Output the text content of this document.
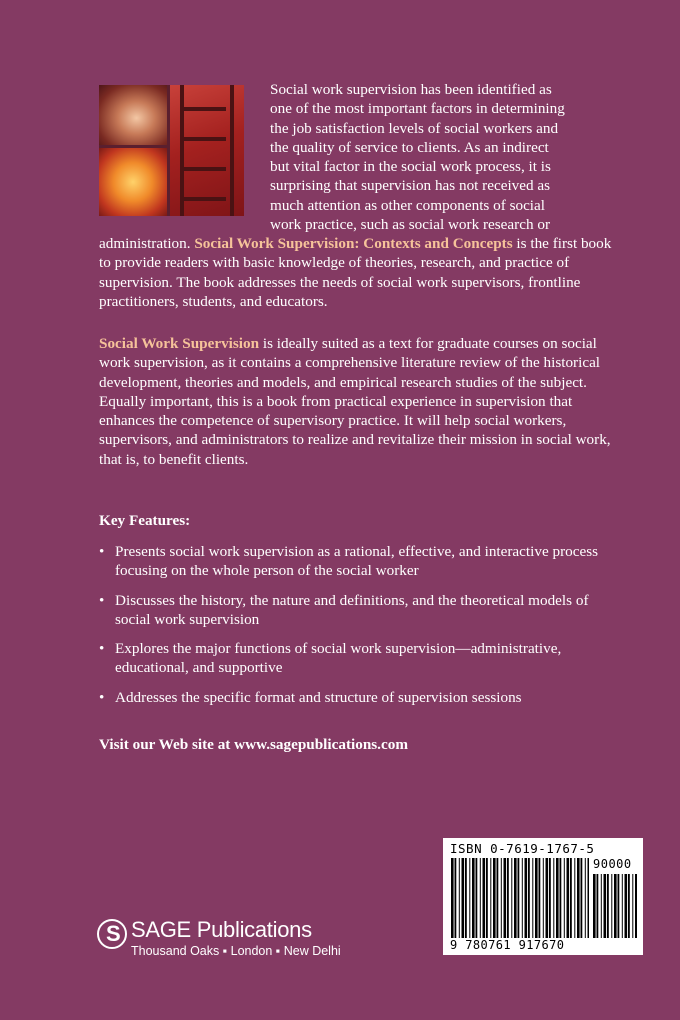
Social work supervision has been identified as
one of the most important factors in determining
the job satisfaction levels of social workers and
the quality of service to clients. As an indirect
but vital factor in the social work process, it is
surprising that supervision has not received as
much attention as other components of social
work practice, such as social work research or

administration. Social Work Supervision: Contexts and Concepts is the first book to provide readers with basic knowledge of theories, research, and practice of supervision. The book addresses the needs of social work supervisors, frontline practitioners, students, and educators.

Social Work Supervision is ideally suited as a text for graduate courses on social work supervision, as it contains a comprehensive literature review of the historical development, theories and models, and empirical research studies of the subject. Equally important, this is a book from practical experience in supervision that enhances the competence of supervisory practice. It will help social workers, supervisors, and administrators to realize and revitalize their mission in social work, that is, to benefit clients.

Key Features:

• Presents social work supervision as a rational, effective, and interactive process focusing on the whole person of the social worker
• Discusses the history, the nature and definitions, and the theoretical models of social work supervision
• Explores the major functions of social work supervision—administrative, educational, and supportive
• Addresses the specific format and structure of supervision sessions

Visit our Web site at www.sagepublications.com

S SAGE Publications
Thousand Oaks ▪ London ▪ New Delhi
ISBN 0-7619-1767-5
90000
9 780761 917670
